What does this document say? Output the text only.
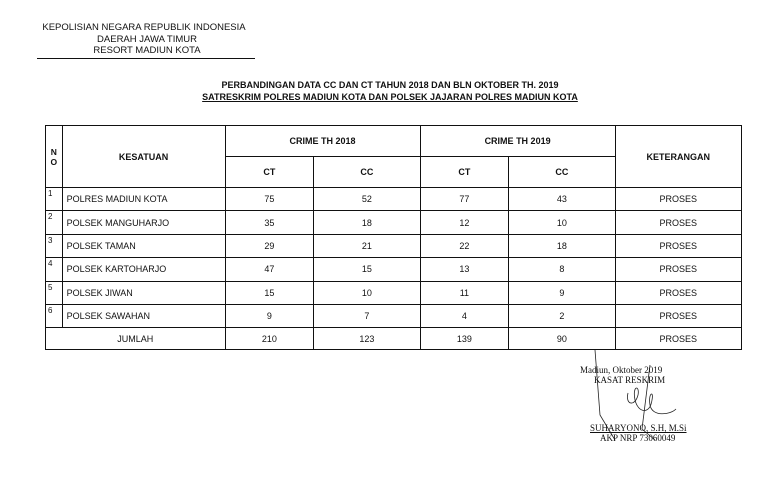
KEPOLISIAN NEGARA REPUBLIK INDONESIA
DAERAH JAWA TIMUR
RESORT MADIUN KOTA
PERBANDINGAN DATA CC DAN CT TAHUN 2018 DAN BLN OKTOBER TH. 2019
SATRESKRIM POLRES MADIUN KOTA DAN POLSEK JAJARAN POLRES MADIUN KOTA
N O	KESATUAN	CRIME TH 2018		CRIME TH 2019		KETERANGAN
		CT	CC	CT	CC	
1	POLRES MADIUN KOTA	75	52	77	43	PROSES
2	POLSEK MANGUHARJO	35	18	12	10	PROSES
3	POLSEK TAMAN	29	21	22	18	PROSES
4	POLSEK KARTOHARJO	47	15	13	8	PROSES
5	POLSEK JIWAN	15	10	11	9	PROSES
6	POLSEK SAWAHAN	9	7	4	2	PROSES
JUMLAH		210	123	139	90	PROSES
Madiun, Oktober 2019
KASAT RESKRIM
SUHARYONO, S.H, M.Si
AKP NRP 73060049
